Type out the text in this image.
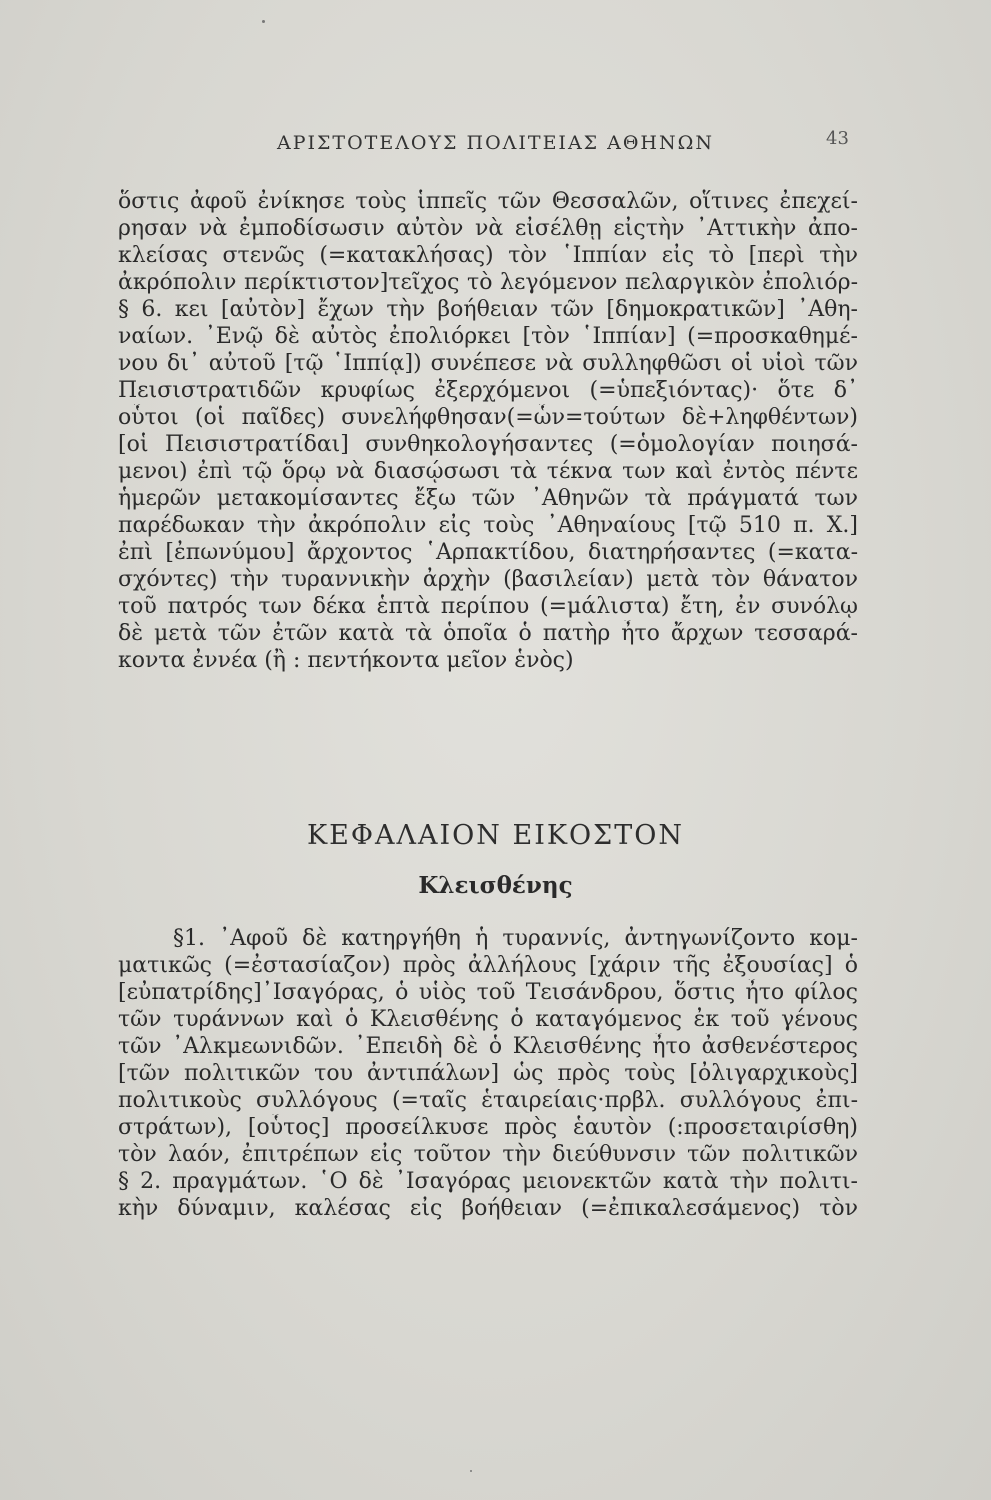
ΑΡΙΣΤΟΤΕΛΟΥΣ ΠΟΛΙΤΕΙΑΣ ΑΘΗΝΩΝ	43
ὅστις ἀφοῦ ἐνίκησε τοὺς ἱππεῖς τῶν Θεσσαλῶν, οἵτινες ἐπεχεί-
ρησαν νὰ ἐμποδίσωσιν αὐτὸν νὰ εἰσέλθῃ εἰςτὴν ᾿Αττικὴν ἀπο-
κλείσας στενῶς (=κατακλήσας) τὸν ῾Ιππίαν εἰς τὸ [περὶ τὴν
ἀκρόπολιν περίκτιστον]τεῖχος τὸ λεγόμενον πελαργικὸν ἐπολιόρ-
§ 6. κει [αὐτὸν] ἔχων τὴν βοήθειαν τῶν [δημοκρατικῶν] ᾿Αθη-
ναίων. ᾿Ενῷ δὲ αὐτὸς ἐπολιόρκει [τὸν ῾Ιππίαν] (=προσκαθημέ-
νου δι᾿ αὐτοῦ [τῷ ῾Ιππίᾳ]) συνέπεσε νὰ συλληφθῶσι οἱ υἱοὶ τῶν
Πεισιστρατιδῶν κρυφίως ἐξερχόμενοι (=ὑπεξιόντας)· ὅτε δ᾿
οὗτοι (οἱ παῖδες) συνελήφθησαν(=ὧν=τούτων δὲ+ληφθέντων)
[οἱ Πεισιστρατίδαι] συνθηκολογήσαντες (=ὁμολογίαν ποιησά-
μενοι) ἐπὶ τῷ ὅρῳ νὰ διασῴσωσι τὰ τέκνα των καὶ ἐντὸς πέντε
ἡμερῶν μετακομίσαντες ἔξω τῶν ᾿Αθηνῶν τὰ πράγματά των
παρέδωκαν τὴν ἀκρόπολιν εἰς τοὺς ᾿Αθηναίους [τῷ 510 π. Χ.]
ἐπὶ [ἐπωνύμου] ἄρχοντος ῾Αρπακτίδου, διατηρήσαντες (=κατα-
σχόντες) τὴν τυραννικὴν ἀρχὴν (βασιλείαν) μετὰ τὸν θάνατον
τοῦ πατρός των δέκα ἑπτὰ περίπου (=μάλιστα) ἔτη, ἐν συνόλῳ
δὲ μετὰ τῶν ἐτῶν κατὰ τὰ ὁποῖα ὁ πατὴρ ἦτο ἄρχων τεσσαρά-
κοντα ἐννέα (ἢ : πεντήκοντα μεῖον ἑνὸς)
ΚΕΦΑΛΑΙΟΝ ΕΙΚΟΣΤΟΝ
Κλεισθένης
§1. ᾿Αφοῦ δὲ κατηργήθη ἡ τυραννίς, ἀντηγωνίζοντο κομ-
ματικῶς (=ἐστασίαζον) πρὸς ἀλλήλους [χάριν τῆς ἐξουσίας] ὁ
[εὐπατρίδης]᾿Ισαγόρας, ὁ υἱὸς τοῦ Τεισάνδρου, ὅστις ἦτο φίλος
τῶν τυράννων καὶ ὁ Κλεισθένης ὁ καταγόμενος ἐκ τοῦ γένους
τῶν ᾿Αλκμεωνιδῶν. ᾿Επειδὴ δὲ ὁ Κλεισθένης ἦτο ἀσθενέστερος
[τῶν πολιτικῶν του ἀντιπάλων] ὡς πρὸς τοὺς [ὀλιγαρχικοὺς]
πολιτικοὺς συλλόγους (=ταῖς ἑταιρείαις·πρβλ. συλλόγους ἐπι-
στράτων), [οὗτος] προσείλκυσε πρὸς ἑαυτὸν (:προσεταιρίσθη)
τὸν λαόν, ἐπιτρέπων εἰς τοῦτον τὴν διεύθυνσιν τῶν πολιτικῶν
§ 2. πραγμάτων. ῾Ο δὲ ᾿Ισαγόρας μειονεκτῶν κατὰ τὴν πολιτι-
κὴν δύναμιν, καλέσας εἰς βοήθειαν (=ἐπικαλεσάμενος) τὸν
